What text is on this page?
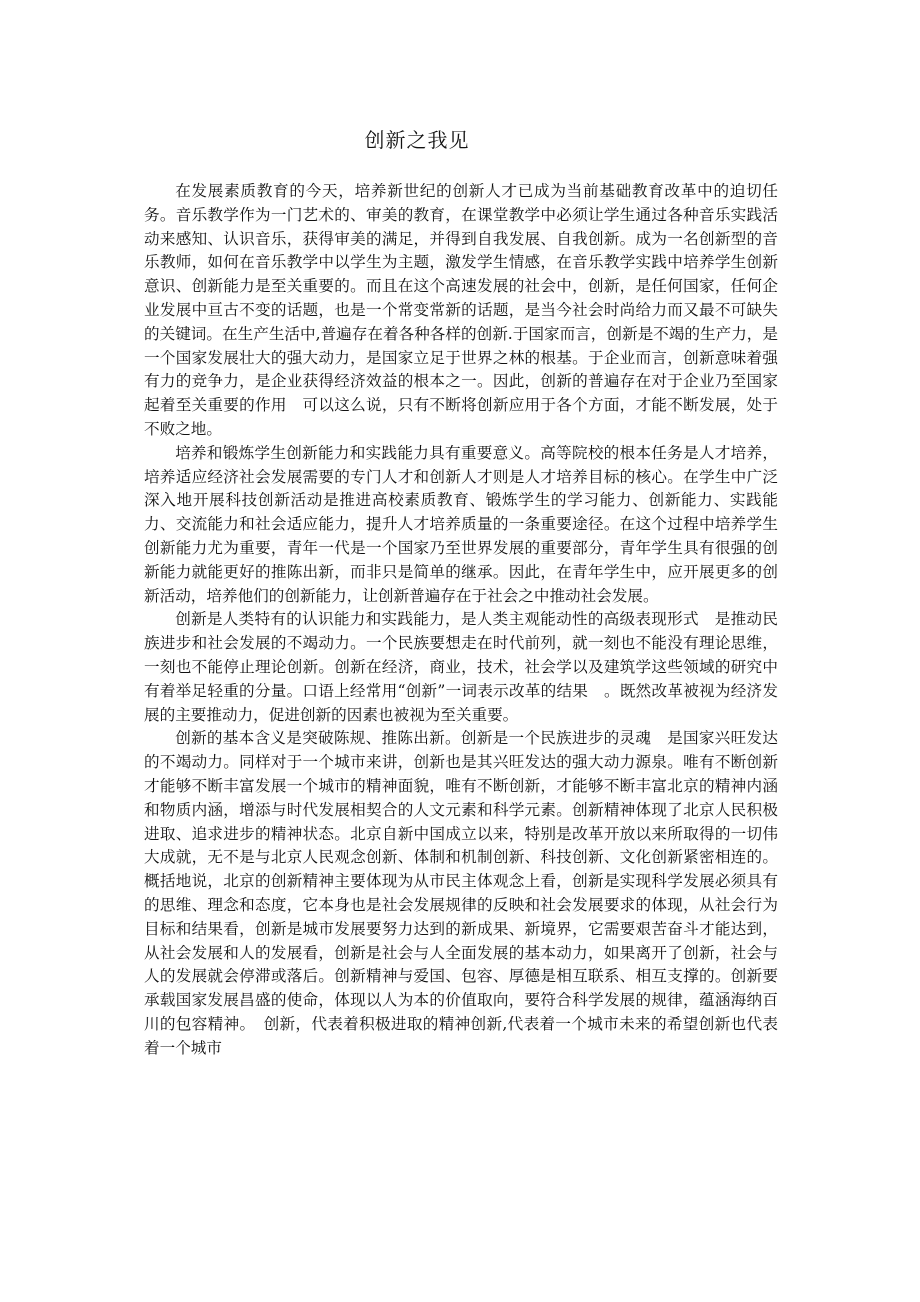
创新之我见

在发展素质教育的今天，培养新世纪的创新人才已成为当前基础教育改革中的迫切任务。音乐教学作为一门艺术的、审美的教育，在课堂教学中必须让学生通过各种音乐实践活动来感知、认识音乐，获得审美的满足，并得到自我发展、自我创新。成为一名创新型的音乐教师，如何在音乐教学中以学生为主题，激发学生情感，在音乐教学实践中培养学生创新意识、创新能力是至关重要的。而且在这个高速发展的社会中，创新，是任何国家，任何企业发展中亘古不变的话题，也是一个常变常新的话题，是当今社会时尚给力而又最不可缺失的关键词。在生产生活中,普遍存在着各种各样的创新.于国家而言，创新是不竭的生产力，是一个国家发展壮大的强大动力，是国家立足于世界之林的根基。于企业而言，创新意味着强有力的竞争力，是企业获得经济效益的根本之一。因此，创新的普遍存在对于企业乃至国家起着至关重要的作用　可以这么说，只有不断将创新应用于各个方面，才能不断发展，处于不败之地。

培养和锻炼学生创新能力和实践能力具有重要意义。高等院校的根本任务是人才培养，培养适应经济社会发展需要的专门人才和创新人才则是人才培养目标的核心。在学生中广泛深入地开展科技创新活动是推进高校素质教育、锻炼学生的学习能力、创新能力、实践能力、交流能力和社会适应能力，提升人才培养质量的一条重要途径。在这个过程中培养学生创新能力尤为重要，青年一代是一个国家乃至世界发展的重要部分，青年学生具有很强的创新能力就能更好的推陈出新，而非只是简单的继承。因此，在青年学生中，应开展更多的创新活动，培养他们的创新能力，让创新普遍存在于社会之中推动社会发展。

创新是人类特有的认识能力和实践能力，是人类主观能动性的高级表现形式　是推动民族进步和社会发展的不竭动力。一个民族要想走在时代前列，就一刻也不能没有理论思维，一刻也不能停止理论创新。创新在经济，商业，技术，社会学以及建筑学这些领域的研究中有着举足轻重的分量。口语上经常用“创新”一词表示改革的结果　。既然改革被视为经济发展的主要推动力，促进创新的因素也被视为至关重要。

创新的基本含义是突破陈规、推陈出新。创新是一个民族进步的灵魂　是国家兴旺发达的不竭动力。同样对于一个城市来讲，创新也是其兴旺发达的强大动力源泉。唯有不断创新才能够不断丰富发展一个城市的精神面貌，唯有不断创新，才能够不断丰富北京的精神内涵和物质内涵，增添与时代发展相契合的人文元素和科学元素。创新精神体现了北京人民积极进取、追求进步的精神状态。北京自新中国成立以来，特别是改革开放以来所取得的一切伟大成就，无不是与北京人民观念创新、体制和机制创新、科技创新、文化创新紧密相连的。概括地说，北京的创新精神主要体现为从市民主体观念上看，创新是实现科学发展必须具有的思维、理念和态度，它本身也是社会发展规律的反映和社会发展要求的体现，从社会行为目标和结果看，创新是城市发展要努力达到的新成果、新境界，它需要艰苦奋斗才能达到，从社会发展和人的发展看，创新是社会与人全面发展的基本动力，如果离开了创新，社会与人的发展就会停滞或落后。创新精神与爱国、包容、厚德是相互联系、相互支撑的。创新要承载国家发展昌盛的使命，体现以人为本的价值取向，要符合科学发展的规律，蕴涵海纳百川的包容精神。　创新，代表着积极进取的精神创新,代表着一个城市未来的希望创新也代表着一个城市
